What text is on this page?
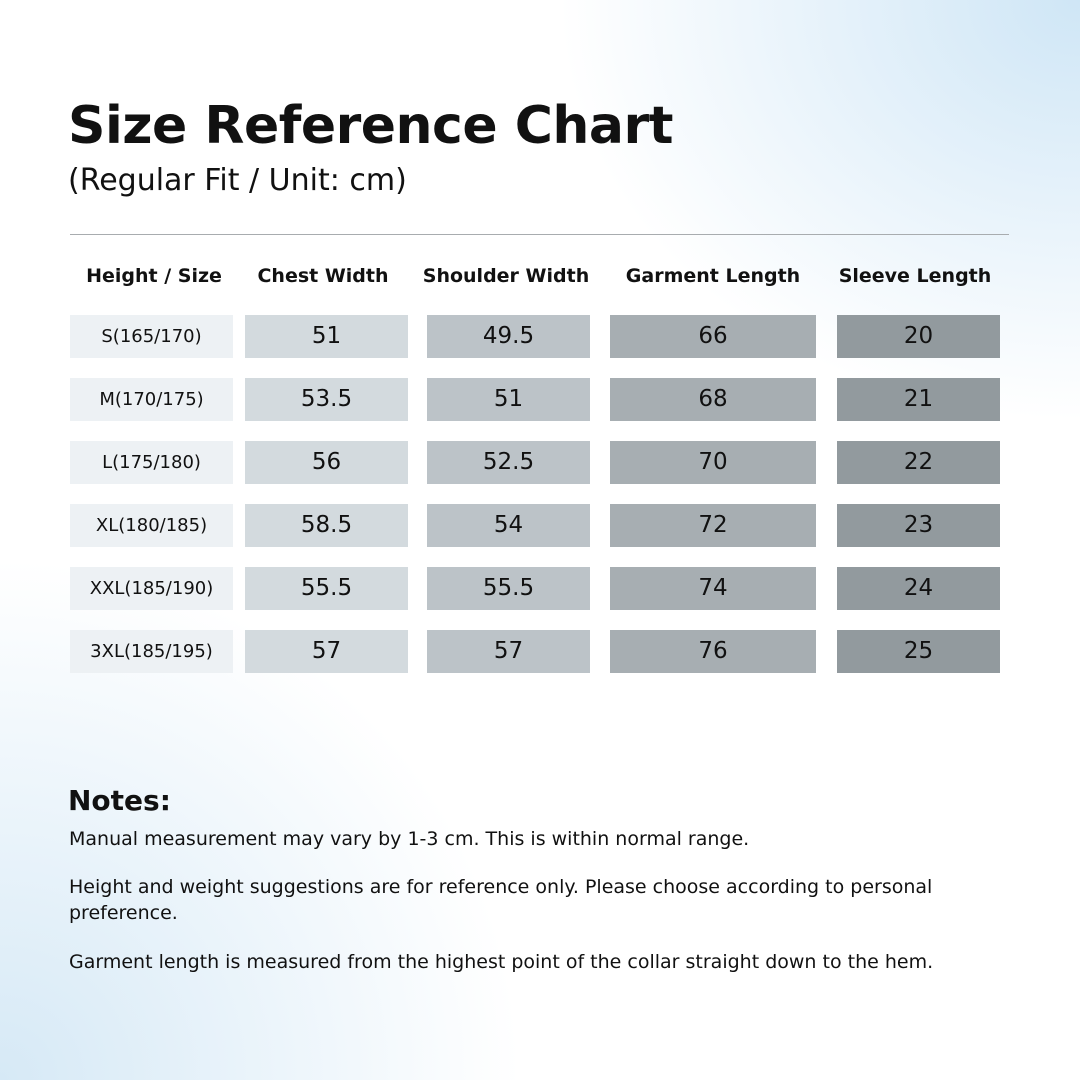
Size Reference Chart
(Regular Fit / Unit: cm)
Height / Size	Chest Width	Shoulder Width	Garment Length	Sleeve Length
S(165/170)	51	49.5	66	20
M(170/175)	53.5	51	68	21
L(175/180)	56	52.5	70	22
XL(180/185)	58.5	54	72	23
XXL(185/190)	55.5	55.5	74	24
3XL(185/195)	57	57	76	25
Notes:

Manual measurement may vary by 1-3 cm. This is within normal range.

Height and weight suggestions are for reference only. Please choose according to personal preference.

Garment length is measured from the highest point of the collar straight down to the hem.
